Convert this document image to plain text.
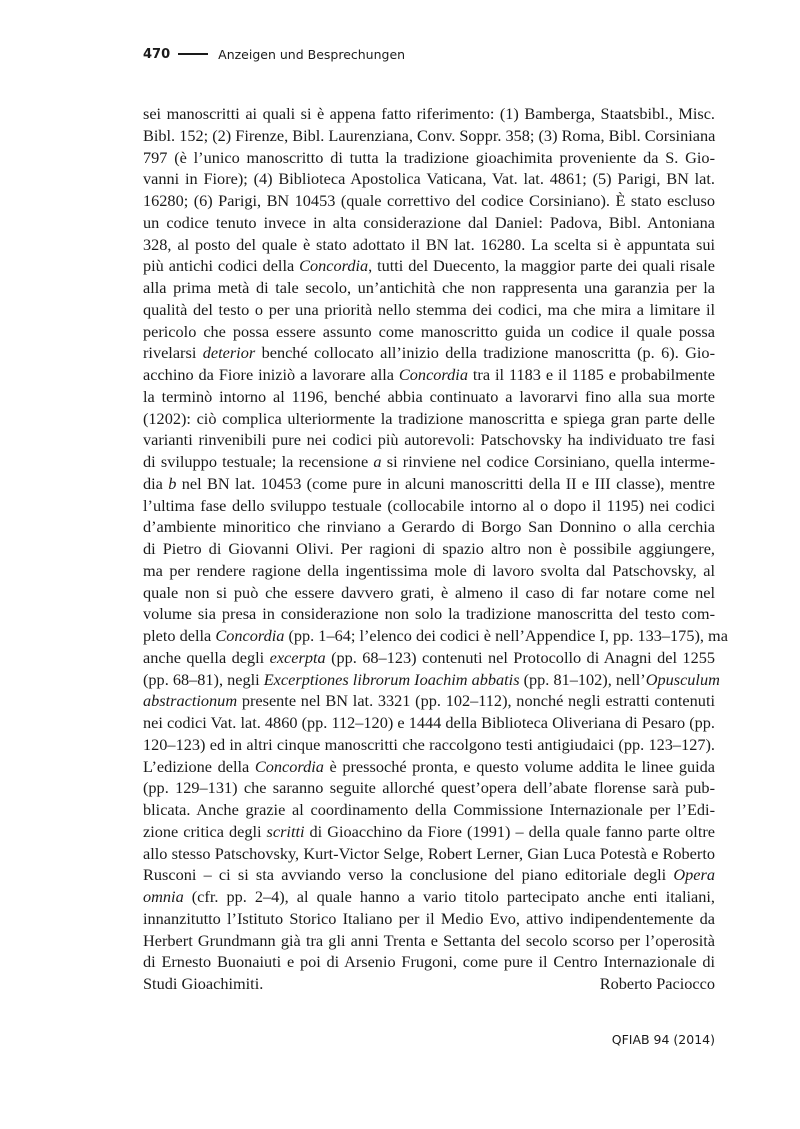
470	Anzeigen und Besprechungen
sei manoscritti ai quali si è appena fatto riferimento: (1) Bamberga, Staatsbibl., Misc.
Bibl. 152; (2) Firenze, Bibl. Laurenziana, Conv. Soppr. 358; (3) Roma, Bibl. Corsiniana
797 (è l’unico manoscritto di tutta la tradizione gioachimita proveniente da S. Gio-
vanni in Fiore); (4) Biblioteca Apostolica Vaticana, Vat. lat. 4861; (5) Parigi, BN lat.
16280; (6) Parigi, BN 10453 (quale correttivo del codice Corsiniano). È stato escluso
un codice tenuto invece in alta considerazione dal Daniel: Padova, Bibl. Antoniana
328, al posto del quale è stato adottato il BN lat. 16280. La scelta si è appuntata sui
più antichi codici della Concordia, tutti del Duecento, la maggior parte dei quali risale
alla prima metà di tale secolo, un’antichità che non rappresenta una garanzia per la
qualità del testo o per una priorità nello stemma dei codici, ma che mira a limitare il
pericolo che possa essere assunto come manoscritto guida un codice il quale possa
rivelarsi deterior benché collocato all’inizio della tradizione manoscritta (p. 6). Gio-
acchino da Fiore iniziò a lavorare alla Concordia tra il 1183 e il 1185 e probabilmente
la terminò intorno al 1196, benché abbia continuato a lavorarvi fino alla sua morte
(1202): ciò complica ulteriormente la tradizione manoscritta e spiega gran parte delle
varianti rinvenibili pure nei codici più autorevoli: Patschovsky ha individuato tre fasi
di sviluppo testuale; la recensione a si rinviene nel codice Corsiniano, quella interme-
dia b nel BN lat. 10453 (come pure in alcuni manoscritti della II e III classe), mentre
l’ultima fase dello sviluppo testuale (collocabile intorno al o dopo il 1195) nei codici
d’ambiente minoritico che rinviano a Gerardo di Borgo San Donnino o alla cerchia
di Pietro di Giovanni Olivi. Per ragioni di spazio altro non è possibile aggiungere,
ma per rendere ragione della ingentissima mole di lavoro svolta dal Patschovsky, al
quale non si può che essere davvero grati, è almeno il caso di far notare come nel
volume sia presa in considerazione non solo la tradizione manoscritta del testo com-
pleto della Concordia (pp. 1–64; l’elenco dei codici è nell’Appendice I, pp. 133–175), ma
anche quella degli excerpta (pp. 68–123) contenuti nel Protocollo di Anagni del 1255
(pp. 68–81), negli Excerptiones librorum Ioachim abbatis (pp. 81–102), nell’Opusculum
abstractionum presente nel BN lat. 3321 (pp. 102–112), nonché negli estratti contenuti
nei codici Vat. lat. 4860 (pp. 112–120) e 1444 della Biblioteca Oliveriana di Pesaro (pp.
120–123) ed in altri cinque manoscritti che raccolgono testi antigiudaici (pp. 123–127).
L’edizione della Concordia è pressoché pronta, e questo volume addita le linee guida
(pp. 129–131) che saranno seguite allorché quest’opera dell’abate florense sarà pub-
blicata. Anche grazie al coordinamento della Commissione Internazionale per l’Edi-
zione critica degli scritti di Gioacchino da Fiore (1991) – della quale fanno parte oltre
allo stesso Patschovsky, Kurt-Victor Selge, Robert Lerner, Gian Luca Potestà e Roberto
Rusconi – ci si sta avviando verso la conclusione del piano editoriale degli Opera
omnia (cfr. pp. 2–4), al quale hanno a vario titolo partecipato anche enti italiani,
innanzitutto l’Istituto Storico Italiano per il Medio Evo, attivo indipendentemente da
Herbert Grundmann già tra gli anni Trenta e Settanta del secolo scorso per l’operosità
di Ernesto Buonaiuti e poi di Arsenio Frugoni, come pure il Centro Internazionale di
Studi Gioachimiti.	Roberto Paciocco
QFIAB 94 (2014)
